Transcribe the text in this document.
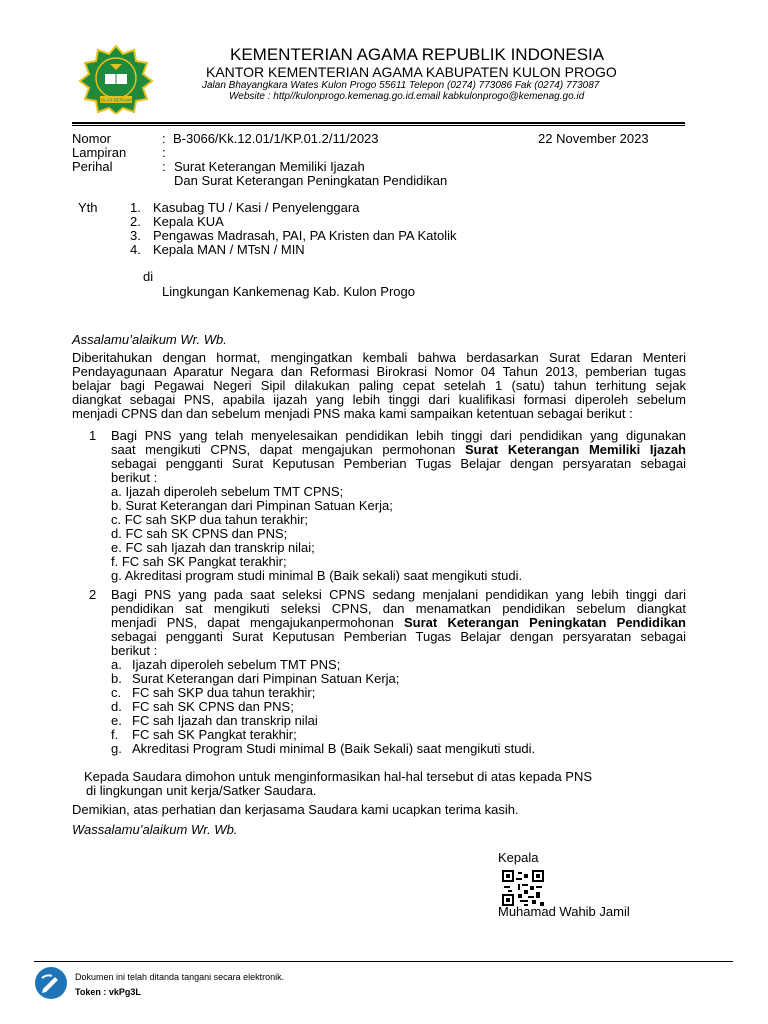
IKHLAS BERAMAL
KEMENTERIAN AGAMA REPUBLIK INDONESIA
KANTOR KEMENTERIAN AGAMA KABUPATEN KULON PROGO
Jalan Bhayangkara Wates Kulon Progo 55611 Telepon (0274) 773086 Fak (0274) 773087
Website : http//kulonprogo.kemenag.go.id.email kabkulonprogo@kemenag.go.id
Nomor	: B-3066/Kk.12.01/1/KP.01.2/11/2023	22 November 2023
Lampiran	:
Perihal	: Surat Keterangan Memiliki Ijazah
Dan Surat Keterangan Peningkatan Pendidikan
Yth 1. Kasubag TU / Kasi / Penyelenggara
2. Kepala KUA
3. Pengawas Madrasah, PAI, PA Kristen dan PA Katolik
4. Kepala MAN / MTsN / MIN
di
Lingkungan Kankemenag Kab. Kulon Progo
Assalamu’alaikum Wr. Wb.
Diberitahukan dengan hormat, mengingatkan kembali bahwa berdasarkan Surat Edaran Menteri
Pendayagunaan Aparatur Negara dan Reformasi Birokrasi Nomor 04 Tahun 2013, pemberian tugas
belajar bagi Pegawai Negeri Sipil dilakukan paling cepat setelah 1 (satu) tahun terhitung sejak
diangkat sebagai PNS, apabila ijazah yang lebih tinggi dari kualifikasi formasi diperoleh sebelum
menjadi CPNS dan dan sebelum menjadi PNS maka kami sampaikan ketentuan sebagai berikut :
1 Bagi PNS yang telah menyelesaikan pendidikan lebih tinggi dari pendidikan yang digunakan
saat mengikuti CPNS, dapat mengajukan permohonan Surat Keterangan Memiliki Ijazah
sebagai pengganti Surat Keputusan Pemberian Tugas Belajar dengan persyaratan sebagai
berikut :
a. Ijazah diperoleh sebelum TMT CPNS;
b. Surat Keterangan dari Pimpinan Satuan Kerja;
c. FC sah SKP dua tahun terakhir;
d. FC sah SK CPNS dan PNS;
e. FC sah Ijazah dan transkrip nilai;
f. FC sah SK Pangkat terakhir;
g. Akreditasi program studi minimal B (Baik sekali) saat mengikuti studi.
2 Bagi PNS yang pada saat seleksi CPNS sedang menjalani pendidikan yang lebih tinggi dari
pendidikan sat mengikuti seleksi CPNS, dan menamatkan pendidikan sebelum diangkat
menjadi PNS, dapat mengajukanpermohonan Surat Keterangan Peningkatan Pendidikan
sebagai pengganti Surat Keputusan Pemberian Tugas Belajar dengan persyaratan sebagai
berikut :
a. Ijazah diperoleh sebelum TMT PNS;
b. Surat Keterangan dari Pimpinan Satuan Kerja;
c. FC sah SKP dua tahun terakhir;
d. FC sah SK CPNS dan PNS;
e. FC sah Ijazah dan transkrip nilai
f. FC sah SK Pangkat terakhir;
g. Akreditasi Program Studi minimal B (Baik Sekali) saat mengikuti studi.
Kepada Saudara dimohon untuk menginformasikan hal-hal tersebut di atas kepada PNS
di lingkungan unit kerja/Satker Saudara.
Demikian, atas perhatian dan kerjasama Saudara kami ucapkan terima kasih.
Wassalamu’alaikum Wr. Wb.
Kepala
Muhamad Wahib Jamil
Dokumen ini telah ditanda tangani secara elektronik.
Token : vkPg3L
